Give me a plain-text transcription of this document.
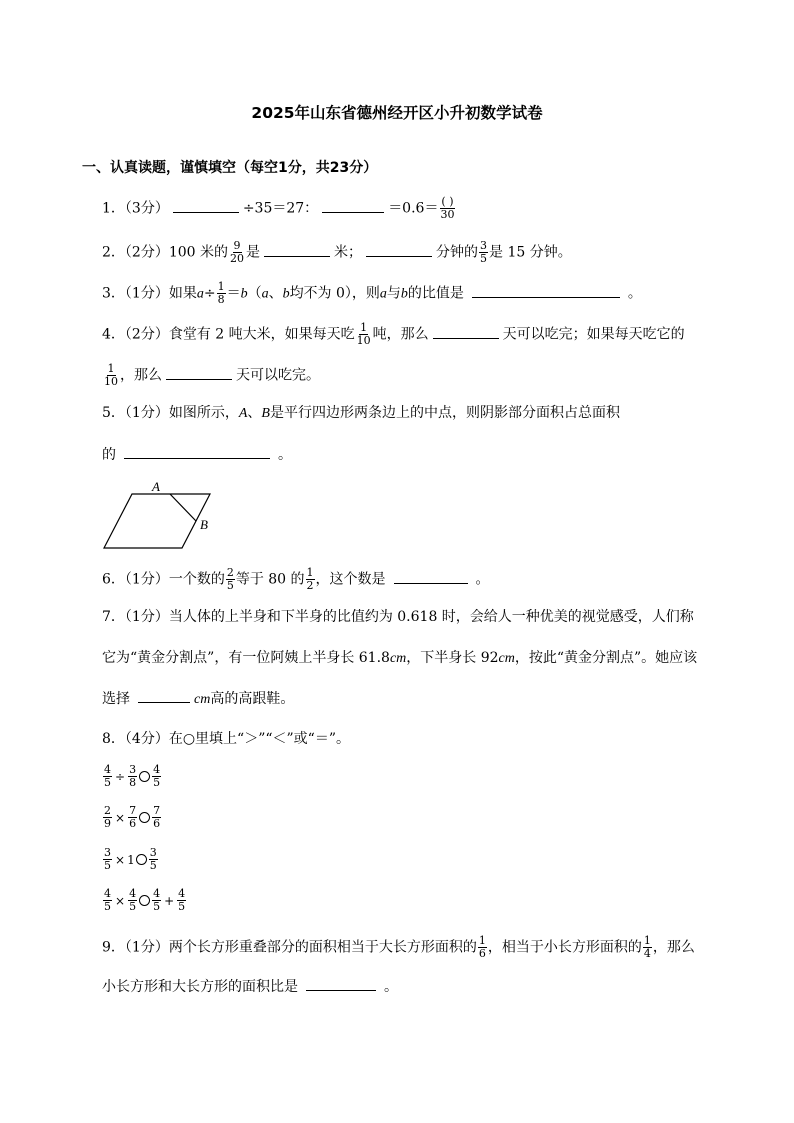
2025年山东省德州经开区小升初数学试卷
一、认真读题，谨慎填空（每空1分，共23分）
1．（3分）	÷35＝27：	$=0.6= \frac{( )}{30}$
2．（2分）100 米的 $\frac{9}{20}$ 是	米；	分钟的 $\frac{3}{5}$ 是 15 分钟。
3．（1分）如果$a\div \frac{1}{8} =b(a$、b均不为 0），则a与b的比值是	。
4．（2分）食堂有 2 吨大米，如果每天吃 $\frac{1}{10}$ 吨，那么	天可以吃完；如果每天吃它的
$\frac{1}{10}$ ，那么	天可以吃完。
5．（1分）如图所示，A、B是平行四边形两条边上的中点，则阴影部分面积占总面积
的	。
A
B
6．（1分）一个数的 $\frac{2}{5}$ 等于 80 的 $\frac{1}{2}$ ，这个数是	。
7．（1分）当人体的上半身和下半身的比值约为 0.618 时，会给人一种优美的视觉感受，人们称
它为“黄金分割点”，有一位阿姨上半身长 61.8cm，下半身长 92cm，按此“黄金分割点”。她应该
选择	cm高的高跟鞋。
8．（4分）在○里填上“＞”“＜”或“＝”。
$\frac{4}{5} \div \frac{3}{8} \frac{4}{5}$
$\frac{2}{9} \times \frac{7}{6} \frac{7}{6}$
$\frac{3}{5} \times 1 \frac{3}{5}$
$\frac{4}{5} \times \frac{4}{5} \frac{4}{5} + \frac{4}{5}$
9．（1分）两个长方形重叠部分的面积相当于大长方形面积的 $\frac{1}{6}$ ，相当于小长方形面积的 $\frac{1}{4}$ ，那么
小长方形和大长方形的面积比是	。
